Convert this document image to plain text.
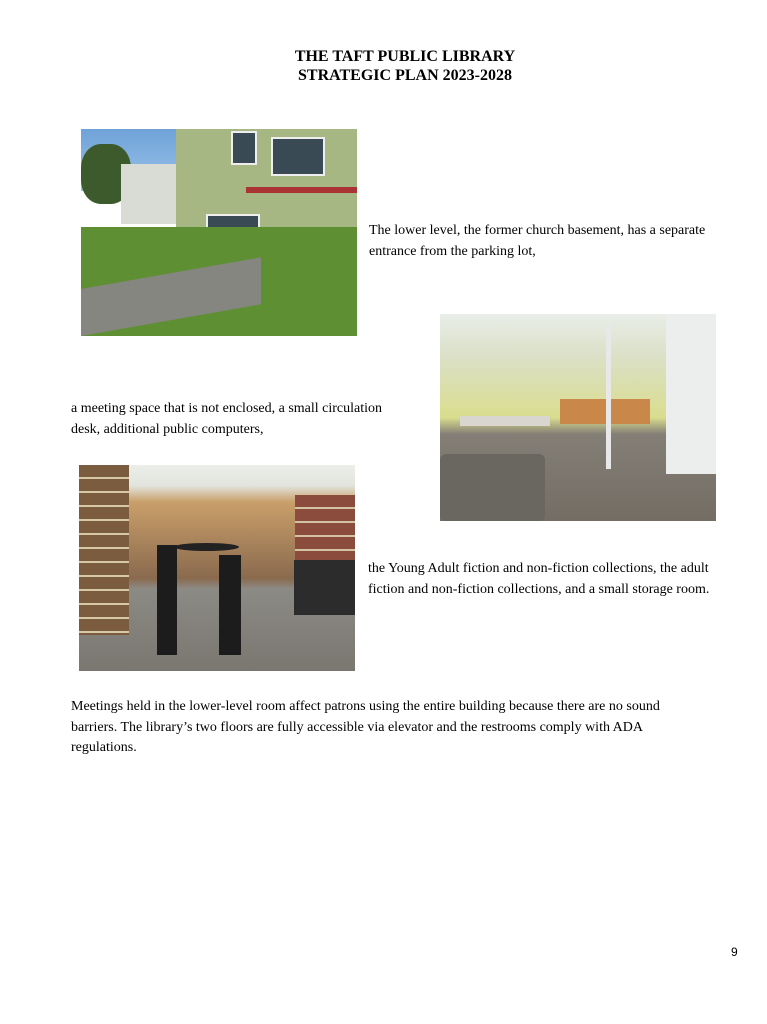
THE TAFT PUBLIC LIBRARY
STRATEGIC PLAN 2023-2028

The lower level, the former church basement, has a separate
entrance from the parking lot,

a meeting space that is not enclosed, a small circulation
desk, additional public computers,

the Young Adult fiction and non-fiction collections, the adult
fiction and non-fiction collections, and a small storage room.

Meetings held in the lower-level room affect patrons using the entire building because there are no sound
barriers. The library’s two floors are fully accessible via elevator and the restrooms comply with ADA
regulations.

9
